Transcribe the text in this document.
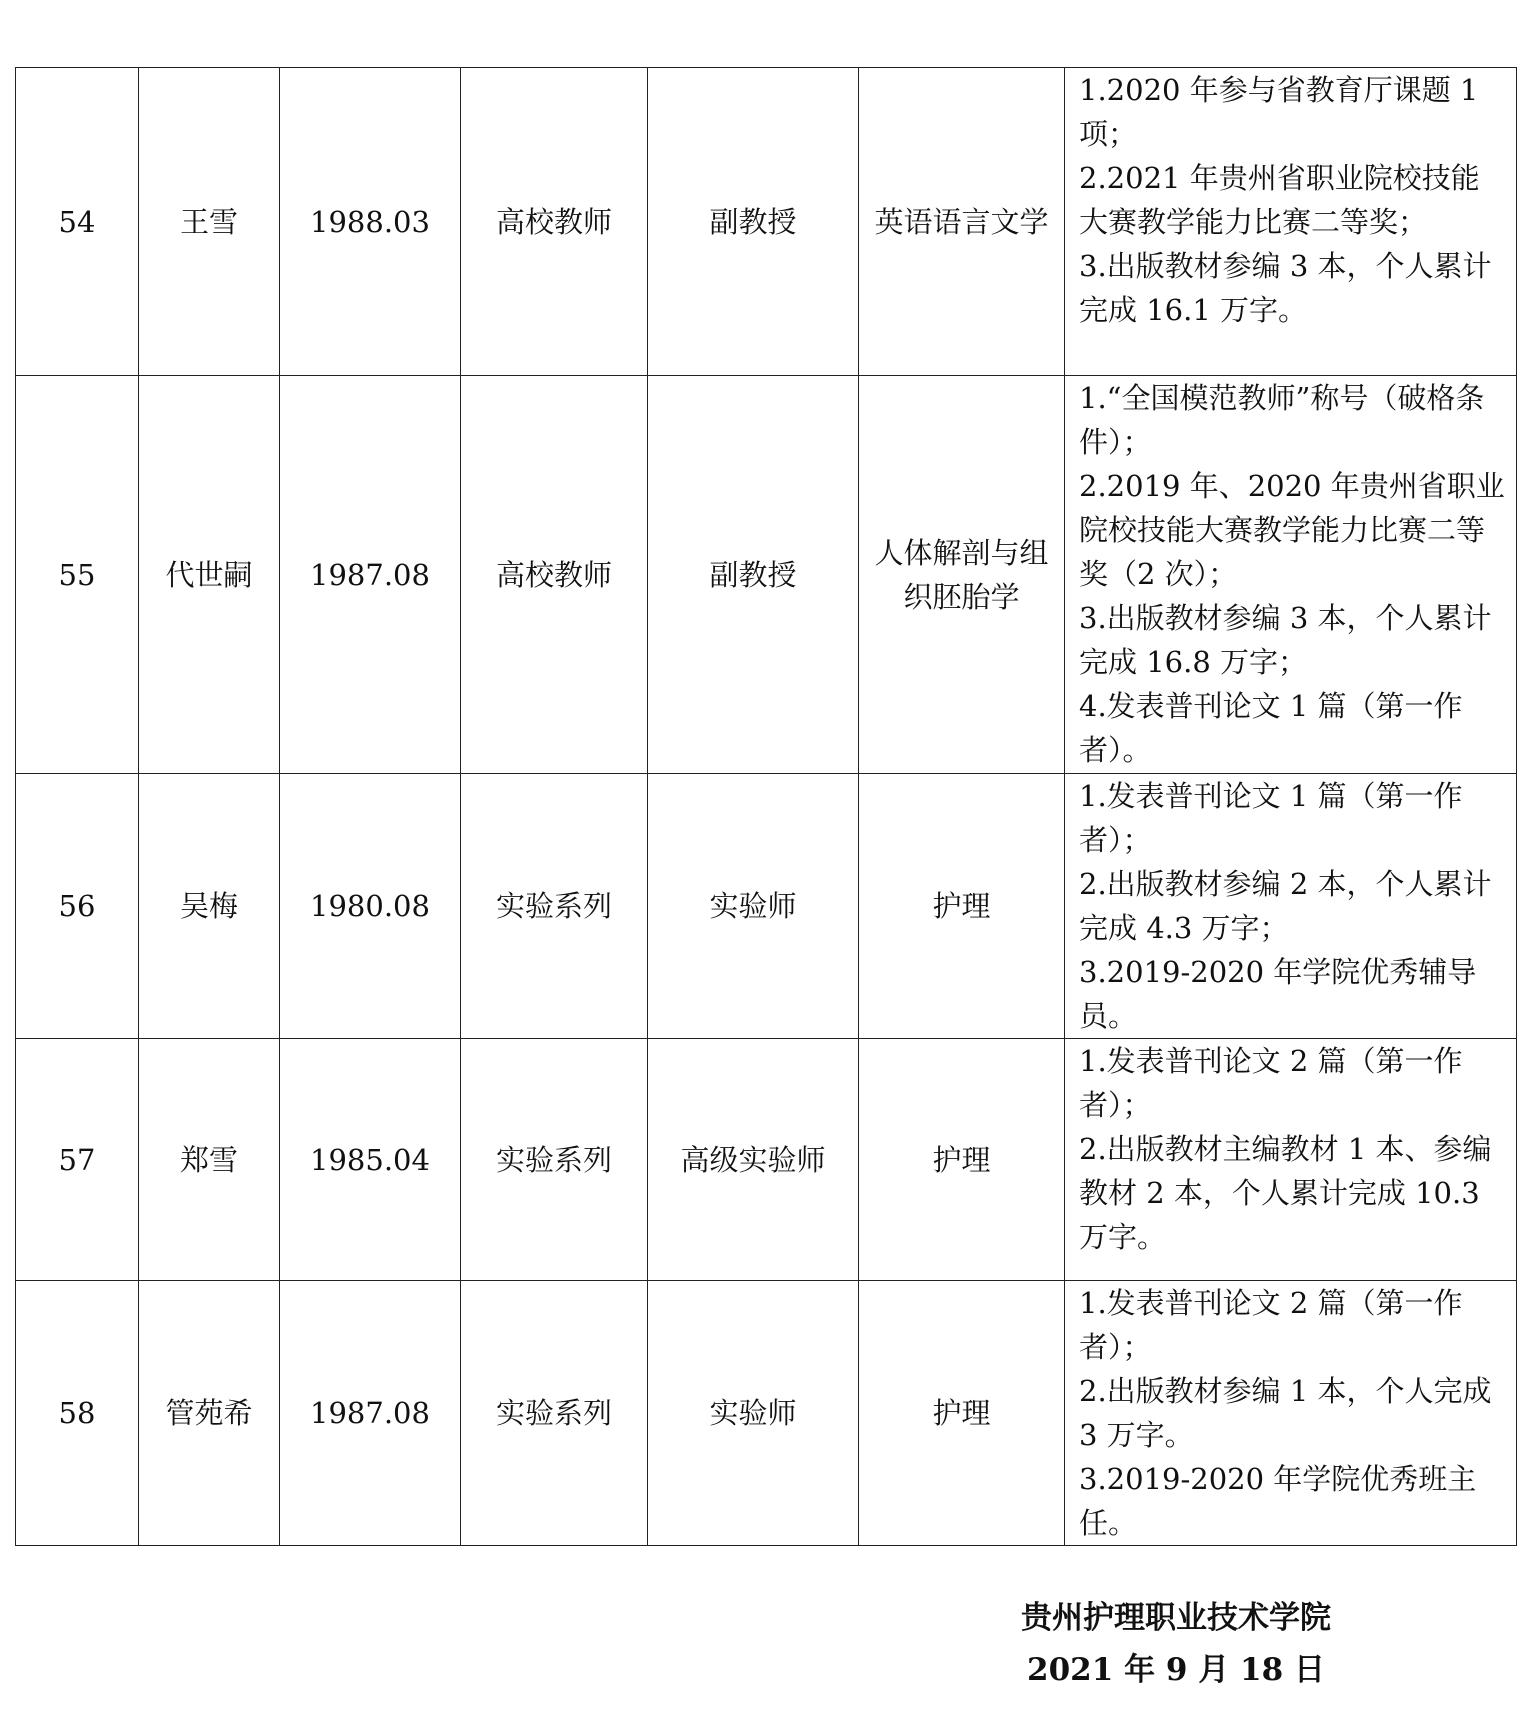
54	王雪	1988.03	高校教师	副教授	英语语言文学	1.2020 年参与省教育厅课题 1 项；
2.2021 年贵州省职业院校技能大赛教学能力比赛二等奖；
3.出版教材参编 3 本，个人累计完成 16.1 万字。

55	代世嗣	1987.08	高校教师	副教授	人体解剖与组织胚胎学	1.“全国模范教师”称号（破格条件）；
2.2019 年、2020 年贵州省职业院校技能大赛教学能力比赛二等奖（2 次）；
3.出版教材参编 3 本，个人累计完成 16.8 万字；
4.发表普刊论文 1 篇（第一作者）。

56	吴梅	1980.08	实验系列	实验师	护理	1.发表普刊论文 1 篇（第一作者）；
2.出版教材参编 2 本，个人累计完成 4.3 万字；
3.2019-2020 年学院优秀辅导员。

57	郑雪	1985.04	实验系列	高级实验师	护理	1.发表普刊论文 2 篇（第一作者）；
2.出版教材主编教材 1 本、参编教材 2 本，个人累计完成 10.3 万字。

58	管苑希	1987.08	实验系列	实验师	护理	1.发表普刊论文 2 篇（第一作者）；
2.出版教材参编 1 本，个人完成 3 万字。
3.2019-2020 年学院优秀班主任。
贵州护理职业技术学院
2021 年 9 月 18 日
